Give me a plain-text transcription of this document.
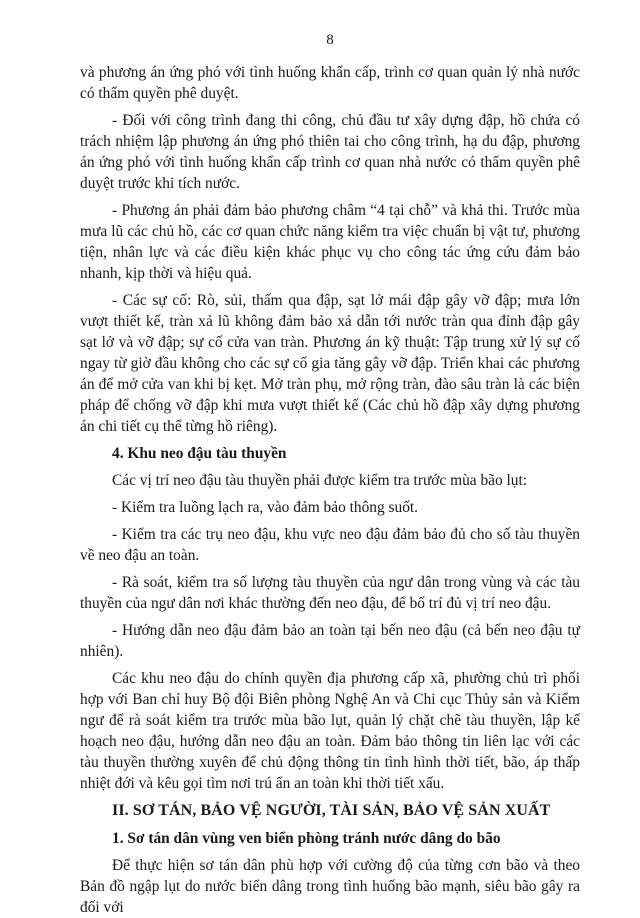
8

và phương án ứng phó với tình huống khẩn cấp, trình cơ quan quản lý nhà nước có thẩm quyền phê duyệt.

- Đối với công trình đang thi công, chủ đầu tư xây dựng đập, hồ chứa có trách nhiệm lập phương án ứng phó thiên tai cho công trình, hạ du đập, phương án ứng phó với tình huống khẩn cấp trình cơ quan nhà nước có thẩm quyền phê duyệt trước khi tích nước.

- Phương án phải đảm bảo phương châm “4 tại chỗ” và khả thi. Trước mùa mưa lũ các chủ hồ, các cơ quan chức năng kiểm tra việc chuẩn bị vật tư, phương tiện, nhân lực và các điều kiện khác phục vụ cho công tác ứng cứu đảm bảo nhanh, kịp thời và hiệu quả.

- Các sự cố: Rò, sủi, thấm qua đập, sạt lở mái đập gây vỡ đập; mưa lớn vượt thiết kế, tràn xả lũ không đảm bảo xả dẫn tới nước tràn qua đỉnh đập gây sạt lở và vỡ đập; sự cố cửa van tràn. Phương án kỹ thuật: Tập trung xử lý sự cố ngay từ giờ đầu không cho các sự cố gia tăng gây vỡ đập. Triển khai các phương án để mở cửa van khi bị kẹt. Mở tràn phụ, mở rộng tràn, đào sâu tràn là các biện pháp để chống vỡ đập khi mưa vượt thiết kế (Các chủ hồ đập xây dựng phương án chi tiết cụ thể từng hồ riêng).

4. Khu neo đậu tàu thuyền

Các vị trí neo đậu tàu thuyền phải được kiểm tra trước mùa bão lụt:

- Kiểm tra luồng lạch ra, vào đảm bảo thông suốt.

- Kiểm tra các trụ neo đậu, khu vực neo đậu đảm bảo đủ cho số tàu thuyền về neo đậu an toàn.

- Rà soát, kiểm tra số lượng tàu thuyền của ngư dân trong vùng và các tàu thuyền của ngư dân nơi khác thường đến neo đậu, để bố trí đủ vị trí neo đậu.

- Hướng dẫn neo đậu đảm bảo an toàn tại bến neo đậu (cả bến neo đậu tự nhiên).

Các khu neo đậu do chính quyền địa phương cấp xã, phường chủ trì phối hợp với Ban chỉ huy Bộ đội Biên phòng Nghệ An và Chi cục Thủy sản và Kiểm ngư để rà soát kiểm tra trước mùa bão lụt, quản lý chặt chẽ tàu thuyền, lập kế hoạch neo đậu, hướng dẫn neo đậu an toàn. Đảm bảo thông tin liên lạc với các tàu thuyền thường xuyên để chủ động thông tin tình hình thời tiết, bão, áp thấp nhiệt đới và kêu gọi tìm nơi trú ẩn an toàn khi thời tiết xấu.

II. SƠ TÁN, BẢO VỆ NGƯỜI, TÀI SẢN, BẢO VỆ SẢN XUẤT
1. Sơ tán dân vùng ven biển phòng tránh nước dâng do bão

Để thực hiện sơ tán dân phù hợp với cường độ của từng cơn bão và theo Bản đồ ngập lụt do nước biển dâng trong tình huống bão mạnh, siêu bão gây ra đối với
